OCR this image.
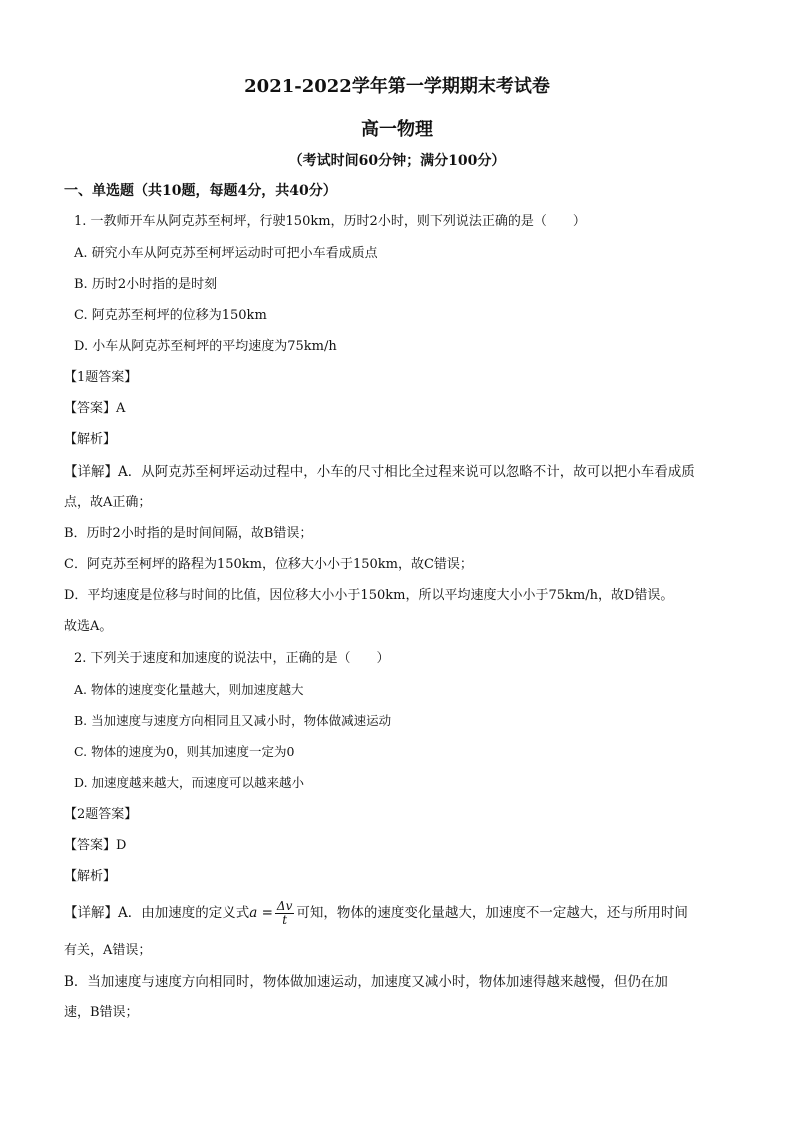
2021-2022学年第一学期期末考试卷
高一物理
（考试时间60分钟；满分100分）
一、单选题（共10题，每题4分，共40分）
1. 一教师开车从阿克苏至柯坪，行驶150km，历时2小时，则下列说法正确的是（　　）
A. 研究小车从阿克苏至柯坪运动时可把小车看成质点
B. 历时2小时指的是时刻
C. 阿克苏至柯坪的位移为150km
D. 小车从阿克苏至柯坪的平均速度为75km/h
【1题答案】
【答案】A
【解析】
【详解】A．从阿克苏至柯坪运动过程中，小车的尺寸相比全过程来说可以忽略不计，故可以把小车看成质
点，故A正确；
B．历时2小时指的是时间间隔，故B错误；
C．阿克苏至柯坪的路程为150km，位移大小小于150km，故C错误；
D．平均速度是位移与时间的比值，因位移大小小于150km，所以平均速度大小小于75km/h，故D错误。
故选A。
2. 下列关于速度和加速度的说法中，正确的是（　　）
A. 物体的速度变化量越大，则加速度越大
B. 当加速度与速度方向相同且又减小时，物体做减速运动
C. 物体的速度为0，则其加速度一定为0
D. 加速度越来越大，而速度可以越来越小
【2题答案】
【答案】D
【解析】
【详解】A．由加速度的定义式$a = \frac{\Delta v}{t}$ 可知，物体的速度变化量越大，加速度不一定越大，还与所用时间
有关，A错误；
B．当加速度与速度方向相同时，物体做加速运动，加速度又减小时，物体加速得越来越慢，但仍在加
速，B错误；
